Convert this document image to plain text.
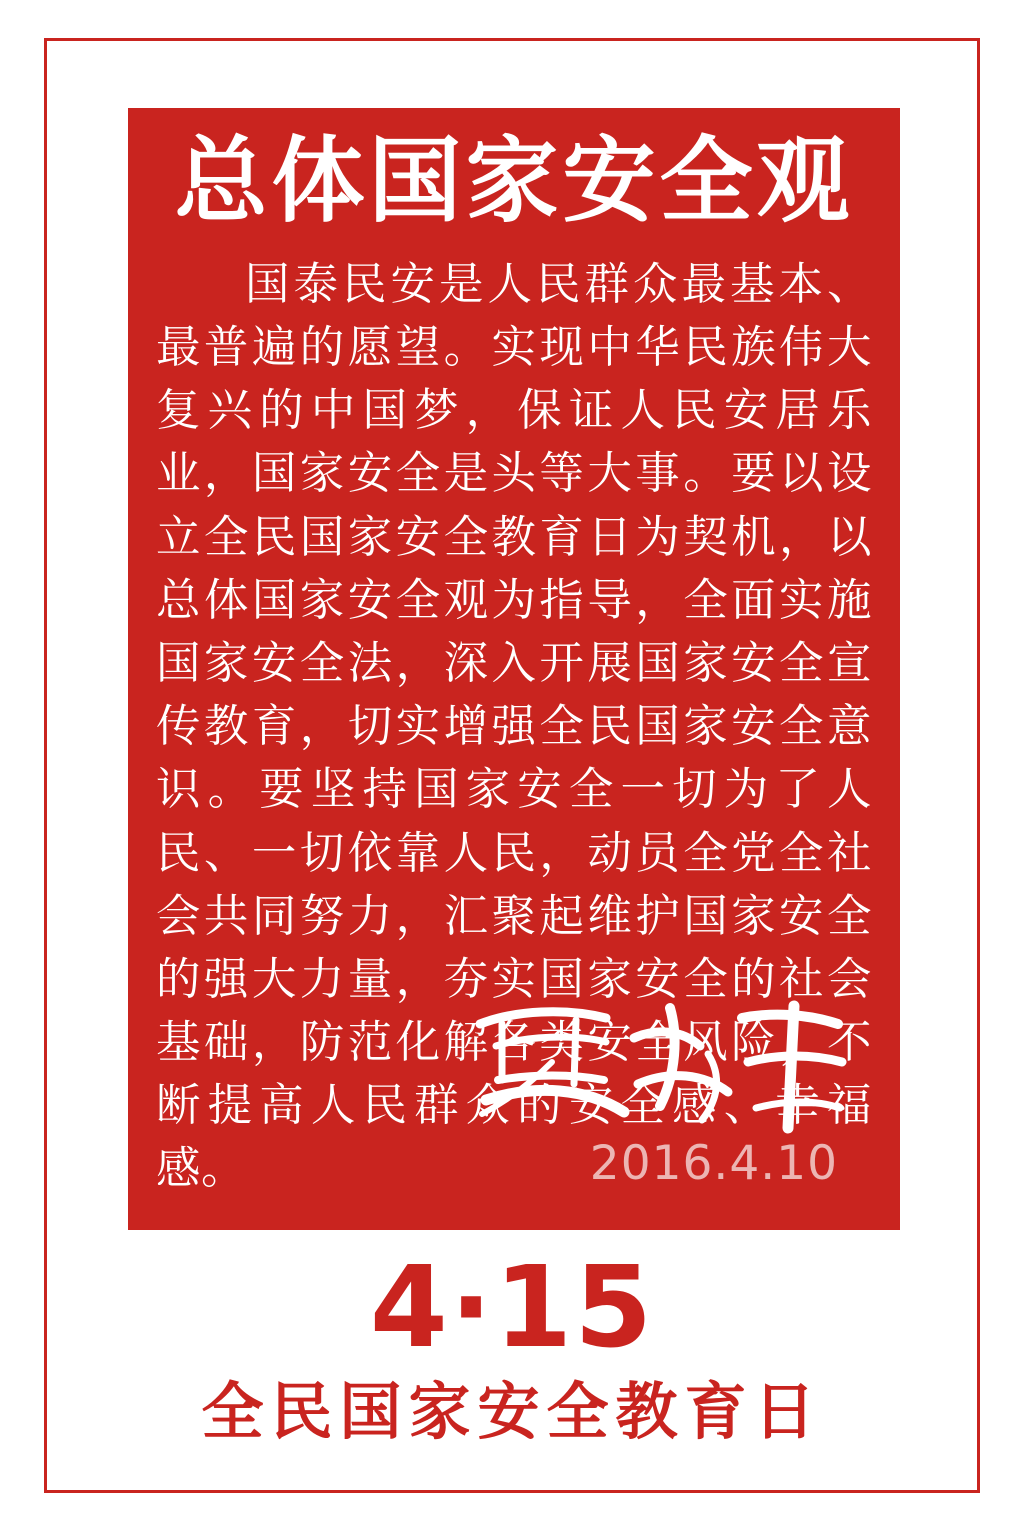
总体国家安全观

国泰民安是人民群众最基本、最普遍的愿望。实现中华民族伟大复兴的中国梦，保证人民安居乐业，国家安全是头等大事。要以设立全民国家安全教育日为契机，以总体国家安全观为指导，全面实施国家安全法，深入开展国家安全宣传教育，切实增强全民国家安全意识。要坚持国家安全一切为了人民、一切依靠人民，动员全党全社会共同努力，汇聚起维护国家安全的强大力量，夯实国家安全的社会基础，防范化解各类安全风险，不断提高人民群众的安全感、幸福感。	2016.4.10
4·15
全民国家安全教育日
